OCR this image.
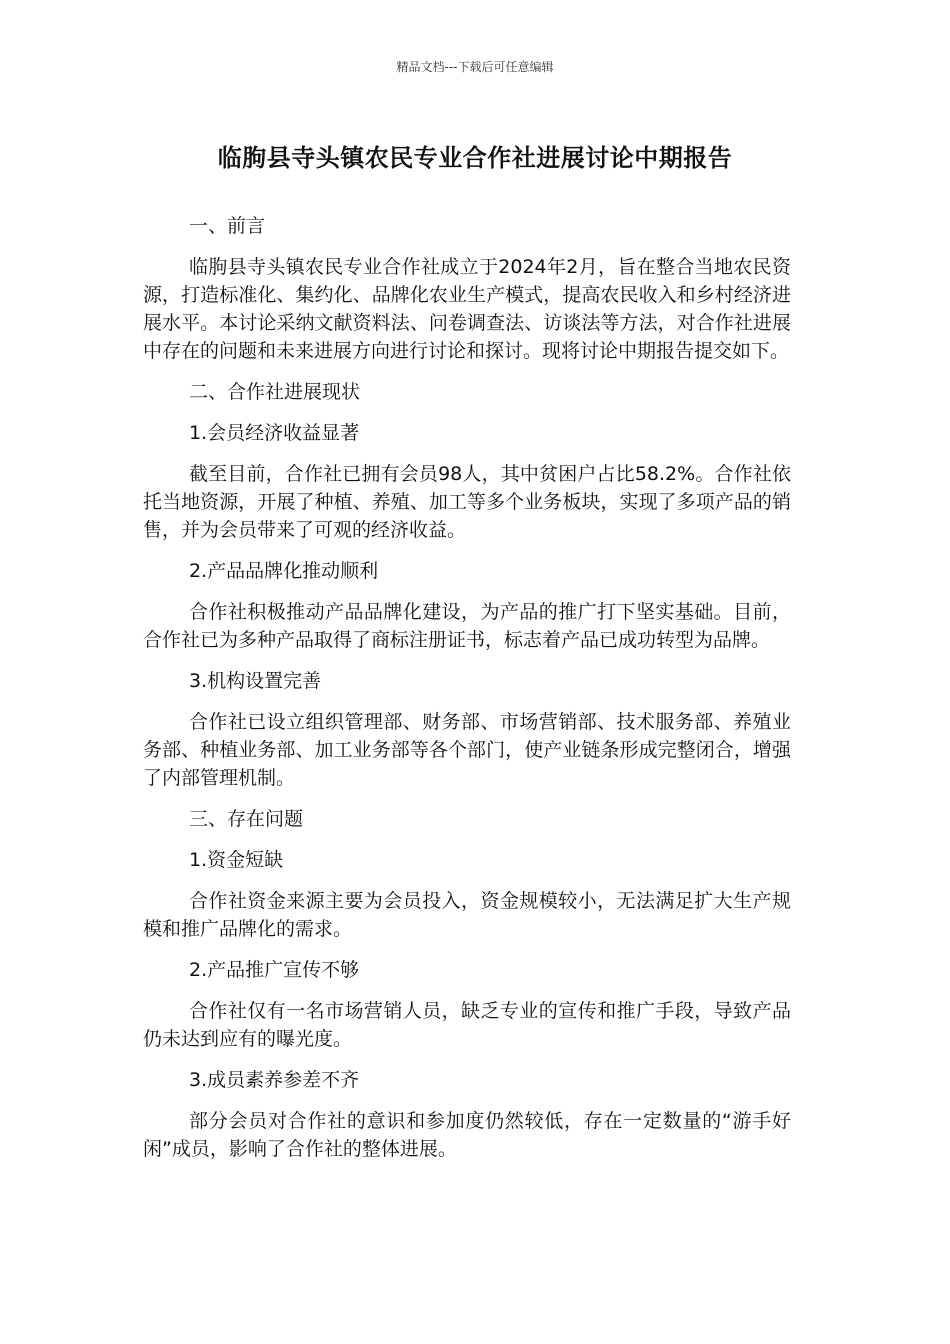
精品文档---下载后可任意编辑
临朐县寺头镇农民专业合作社进展讨论中期报告
一、前言
临朐县寺头镇农民专业合作社成立于2024年2月，旨在整合当地农民资源，打造标准化、集约化、品牌化农业生产模式，提高农民收入和乡村经济进展水平。本讨论采纳文献资料法、问卷调查法、访谈法等方法，对合作社进展中存在的问题和未来进展方向进行讨论和探讨。现将讨论中期报告提交如下。
二、合作社进展现状
1.会员经济收益显著
截至目前，合作社已拥有会员98人，其中贫困户占比58.2%。合作社依托当地资源，开展了种植、养殖、加工等多个业务板块，实现了多项产品的销售，并为会员带来了可观的经济收益。
2.产品品牌化推动顺利
合作社积极推动产品品牌化建设，为产品的推广打下坚实基础。目前，合作社已为多种产品取得了商标注册证书，标志着产品已成功转型为品牌。
3.机构设置完善
合作社已设立组织管理部、财务部、市场营销部、技术服务部、养殖业务部、种植业务部、加工业务部等各个部门，使产业链条形成完整闭合，增强了内部管理机制。
三、存在问题
1.资金短缺
合作社资金来源主要为会员投入，资金规模较小，无法满足扩大生产规模和推广品牌化的需求。
2.产品推广宣传不够
合作社仅有一名市场营销人员，缺乏专业的宣传和推广手段，导致产品仍未达到应有的曝光度。
3.成员素养参差不齐
部分会员对合作社的意识和参加度仍然较低，存在一定数量的“游手好闲”成员，影响了合作社的整体进展。
